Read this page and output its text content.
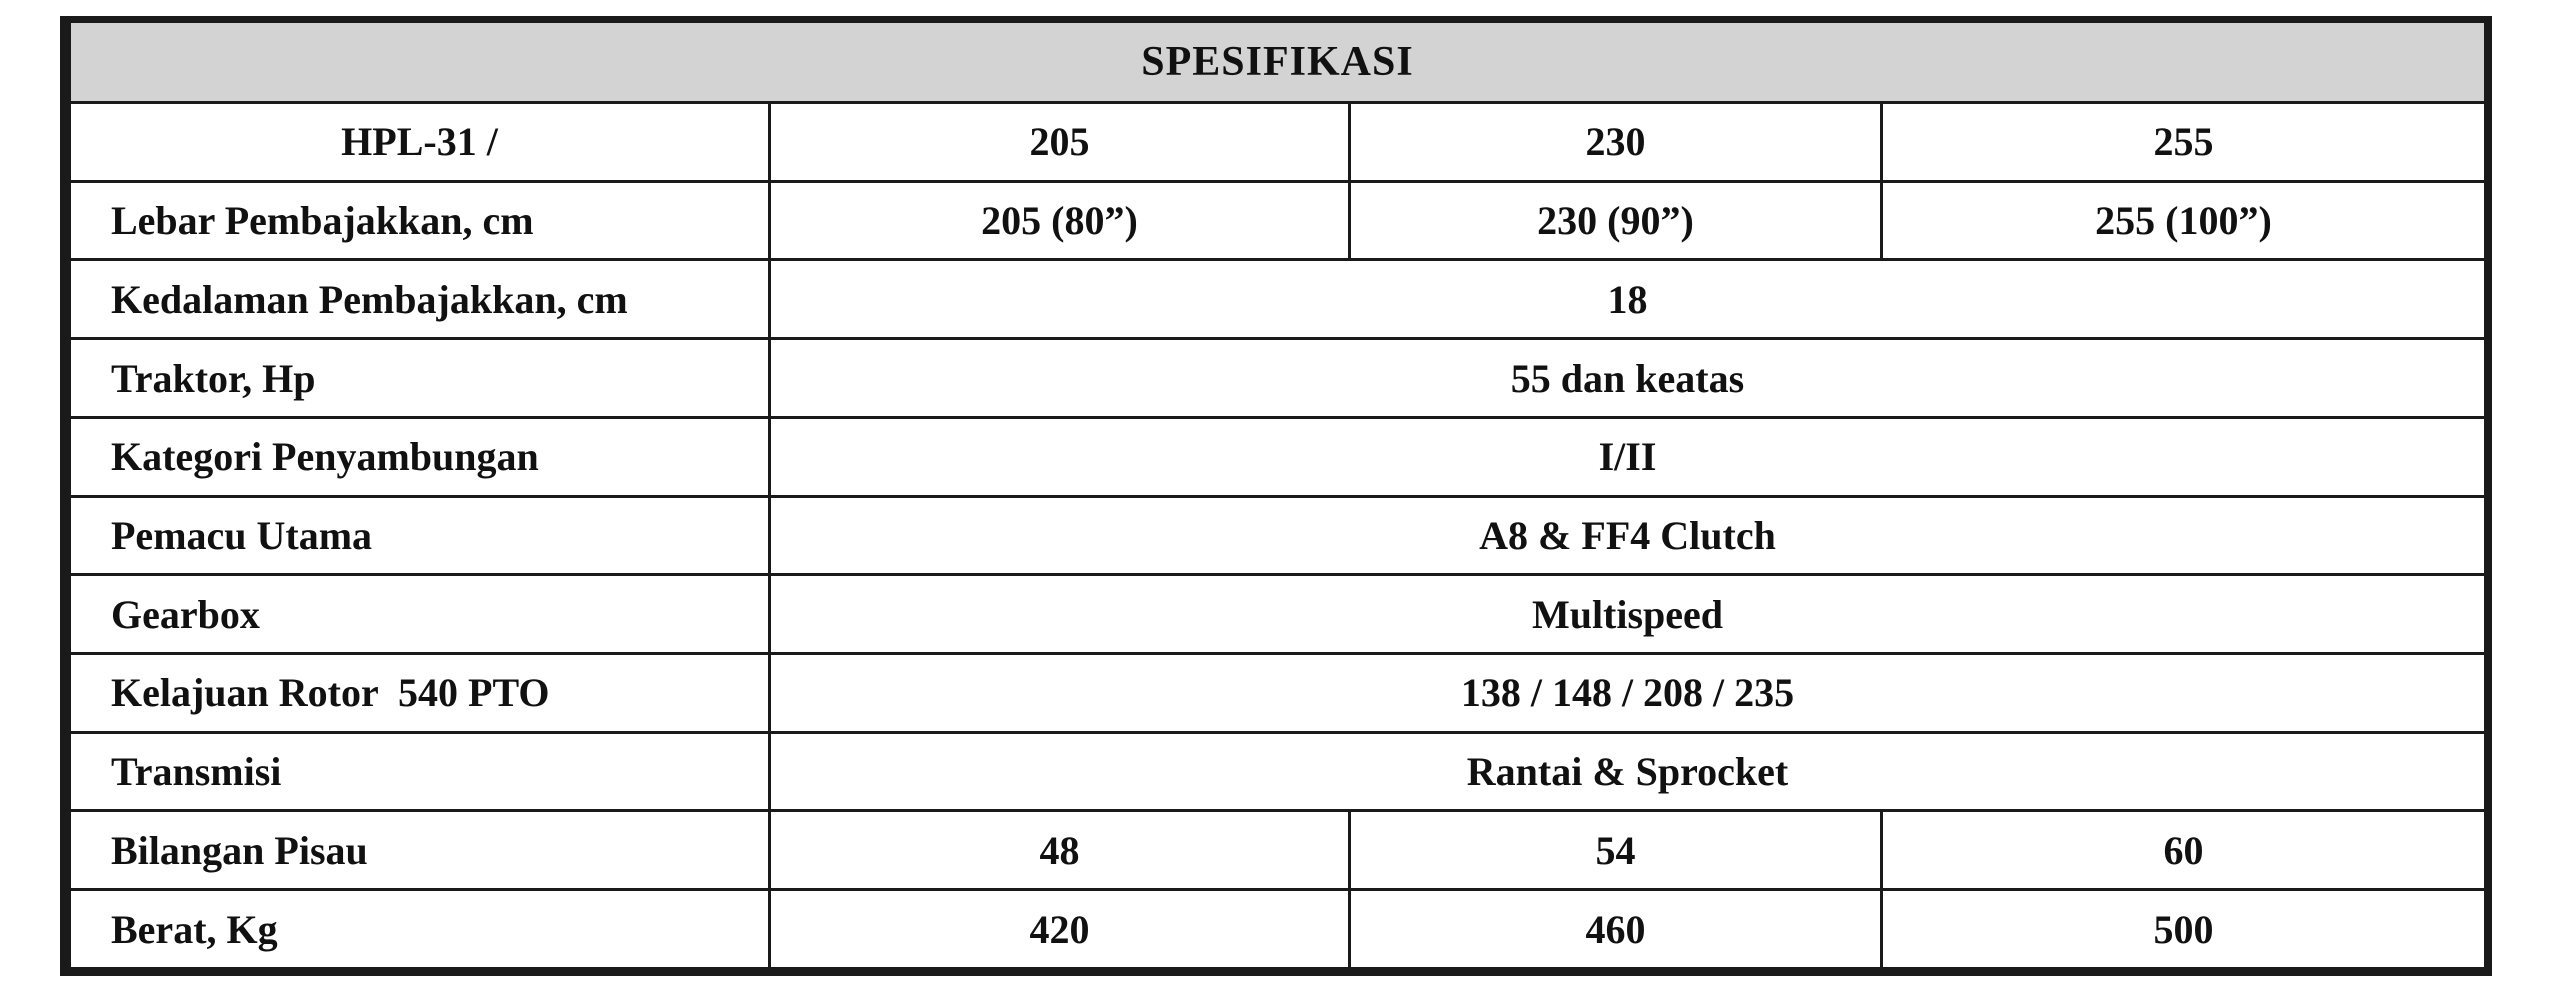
SPESIFIKASI			
HPL-31 /	205	230	255
Lebar Pembajakkan, cm	205 (80”)	230 (90”)	255 (100”)
Kedalaman Pembajakkan, cm	18		
Traktor, Hp	55 dan keatas		
Kategori Penyambungan	I/II		
Pemacu Utama	A8 & FF4 Clutch		
Gearbox	Multispeed		
Kelajuan Rotor  540 PTO	138 / 148 / 208 / 235		
Transmisi	Rantai & Sprocket		
Bilangan Pisau	48	54	60
Berat, Kg	420	460	500
